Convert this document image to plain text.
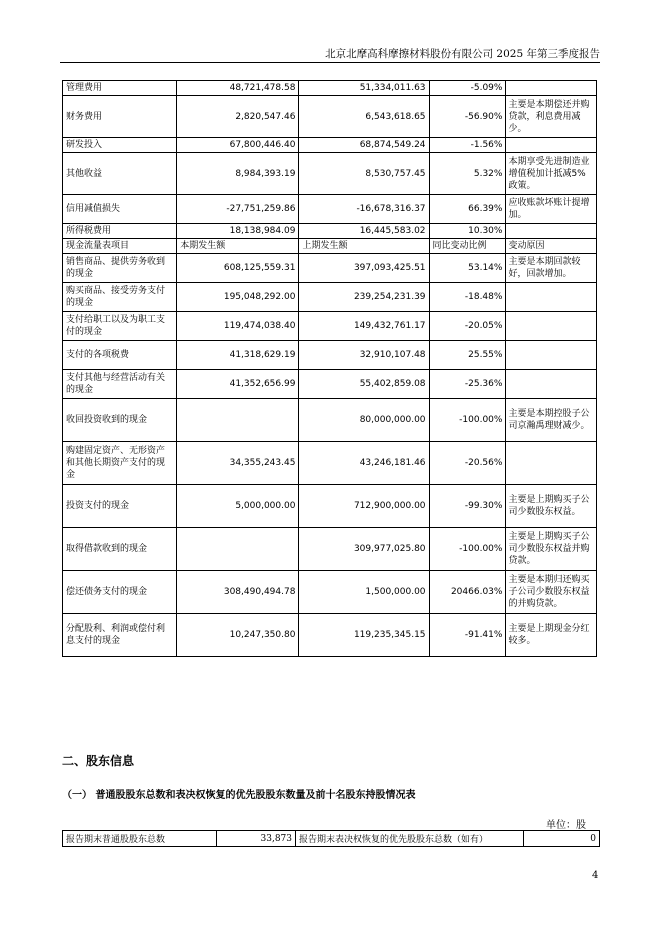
北京北摩高科摩擦材料股份有限公司 2025 年第三季度报告
管理费用	48,721,478.58	51,334,011.63	-5.09%	
财务费用	2,820,547.46	6,543,618.65	-56.90%	主要是本期偿还并购贷款，利息费用减少。
研发投入	67,800,446.40	68,874,549.24	-1.56%	
其他收益	8,984,393.19	8,530,757.45	5.32%	本期享受先进制造业增值税加计抵减5%政策。
信用减值损失	-27,751,259.86	-16,678,316.37	66.39%	应收账款坏账计提增加。
所得税费用	18,138,984.09	16,445,583.02	10.30%	
现金流量表项目	本期发生额	上期发生额	同比变动比例	变动原因
销售商品、提供劳务收到的现金	608,125,559.31	397,093,425.51	53.14%	主要是本期回款较好，回款增加。
购买商品、接受劳务支付的现金	195,048,292.00	239,254,231.39	-18.48%	
支付给职工以及为职工支付的现金	119,474,038.40	149,432,761.17	-20.05%	
支付的各项税费	41,318,629.19	32,910,107.48	25.55%	
支付其他与经营活动有关的现金	41,352,656.99	55,402,859.08	-25.36%	
收回投资收到的现金		80,000,000.00	-100.00%	主要是本期控股子公司京瀚禹理财减少。
购建固定资产、无形资产和其他长期资产支付的现金	34,355,243.45	43,246,181.46	-20.56%	
投资支付的现金	5,000,000.00	712,900,000.00	-99.30%	主要是上期购买子公司少数股东权益。
取得借款收到的现金		309,977,025.80	-100.00%	主要是上期购买子公司少数股东权益并购贷款。
偿还债务支付的现金	308,490,494.78	1,500,000.00	20466.03%	主要是本期归还购买子公司少数股东权益的并购贷款。
分配股利、利润或偿付利息支付的现金	10,247,350.80	119,235,345.15	-91.41%	主要是上期现金分红较多。
二、股东信息
（一） 普通股股东总数和表决权恢复的优先股股东数量及前十名股东持股情况表
单位：股
报告期末普通股股东总数	33,873	报告期末表决权恢复的优先股股东总数（如有）	0
4
